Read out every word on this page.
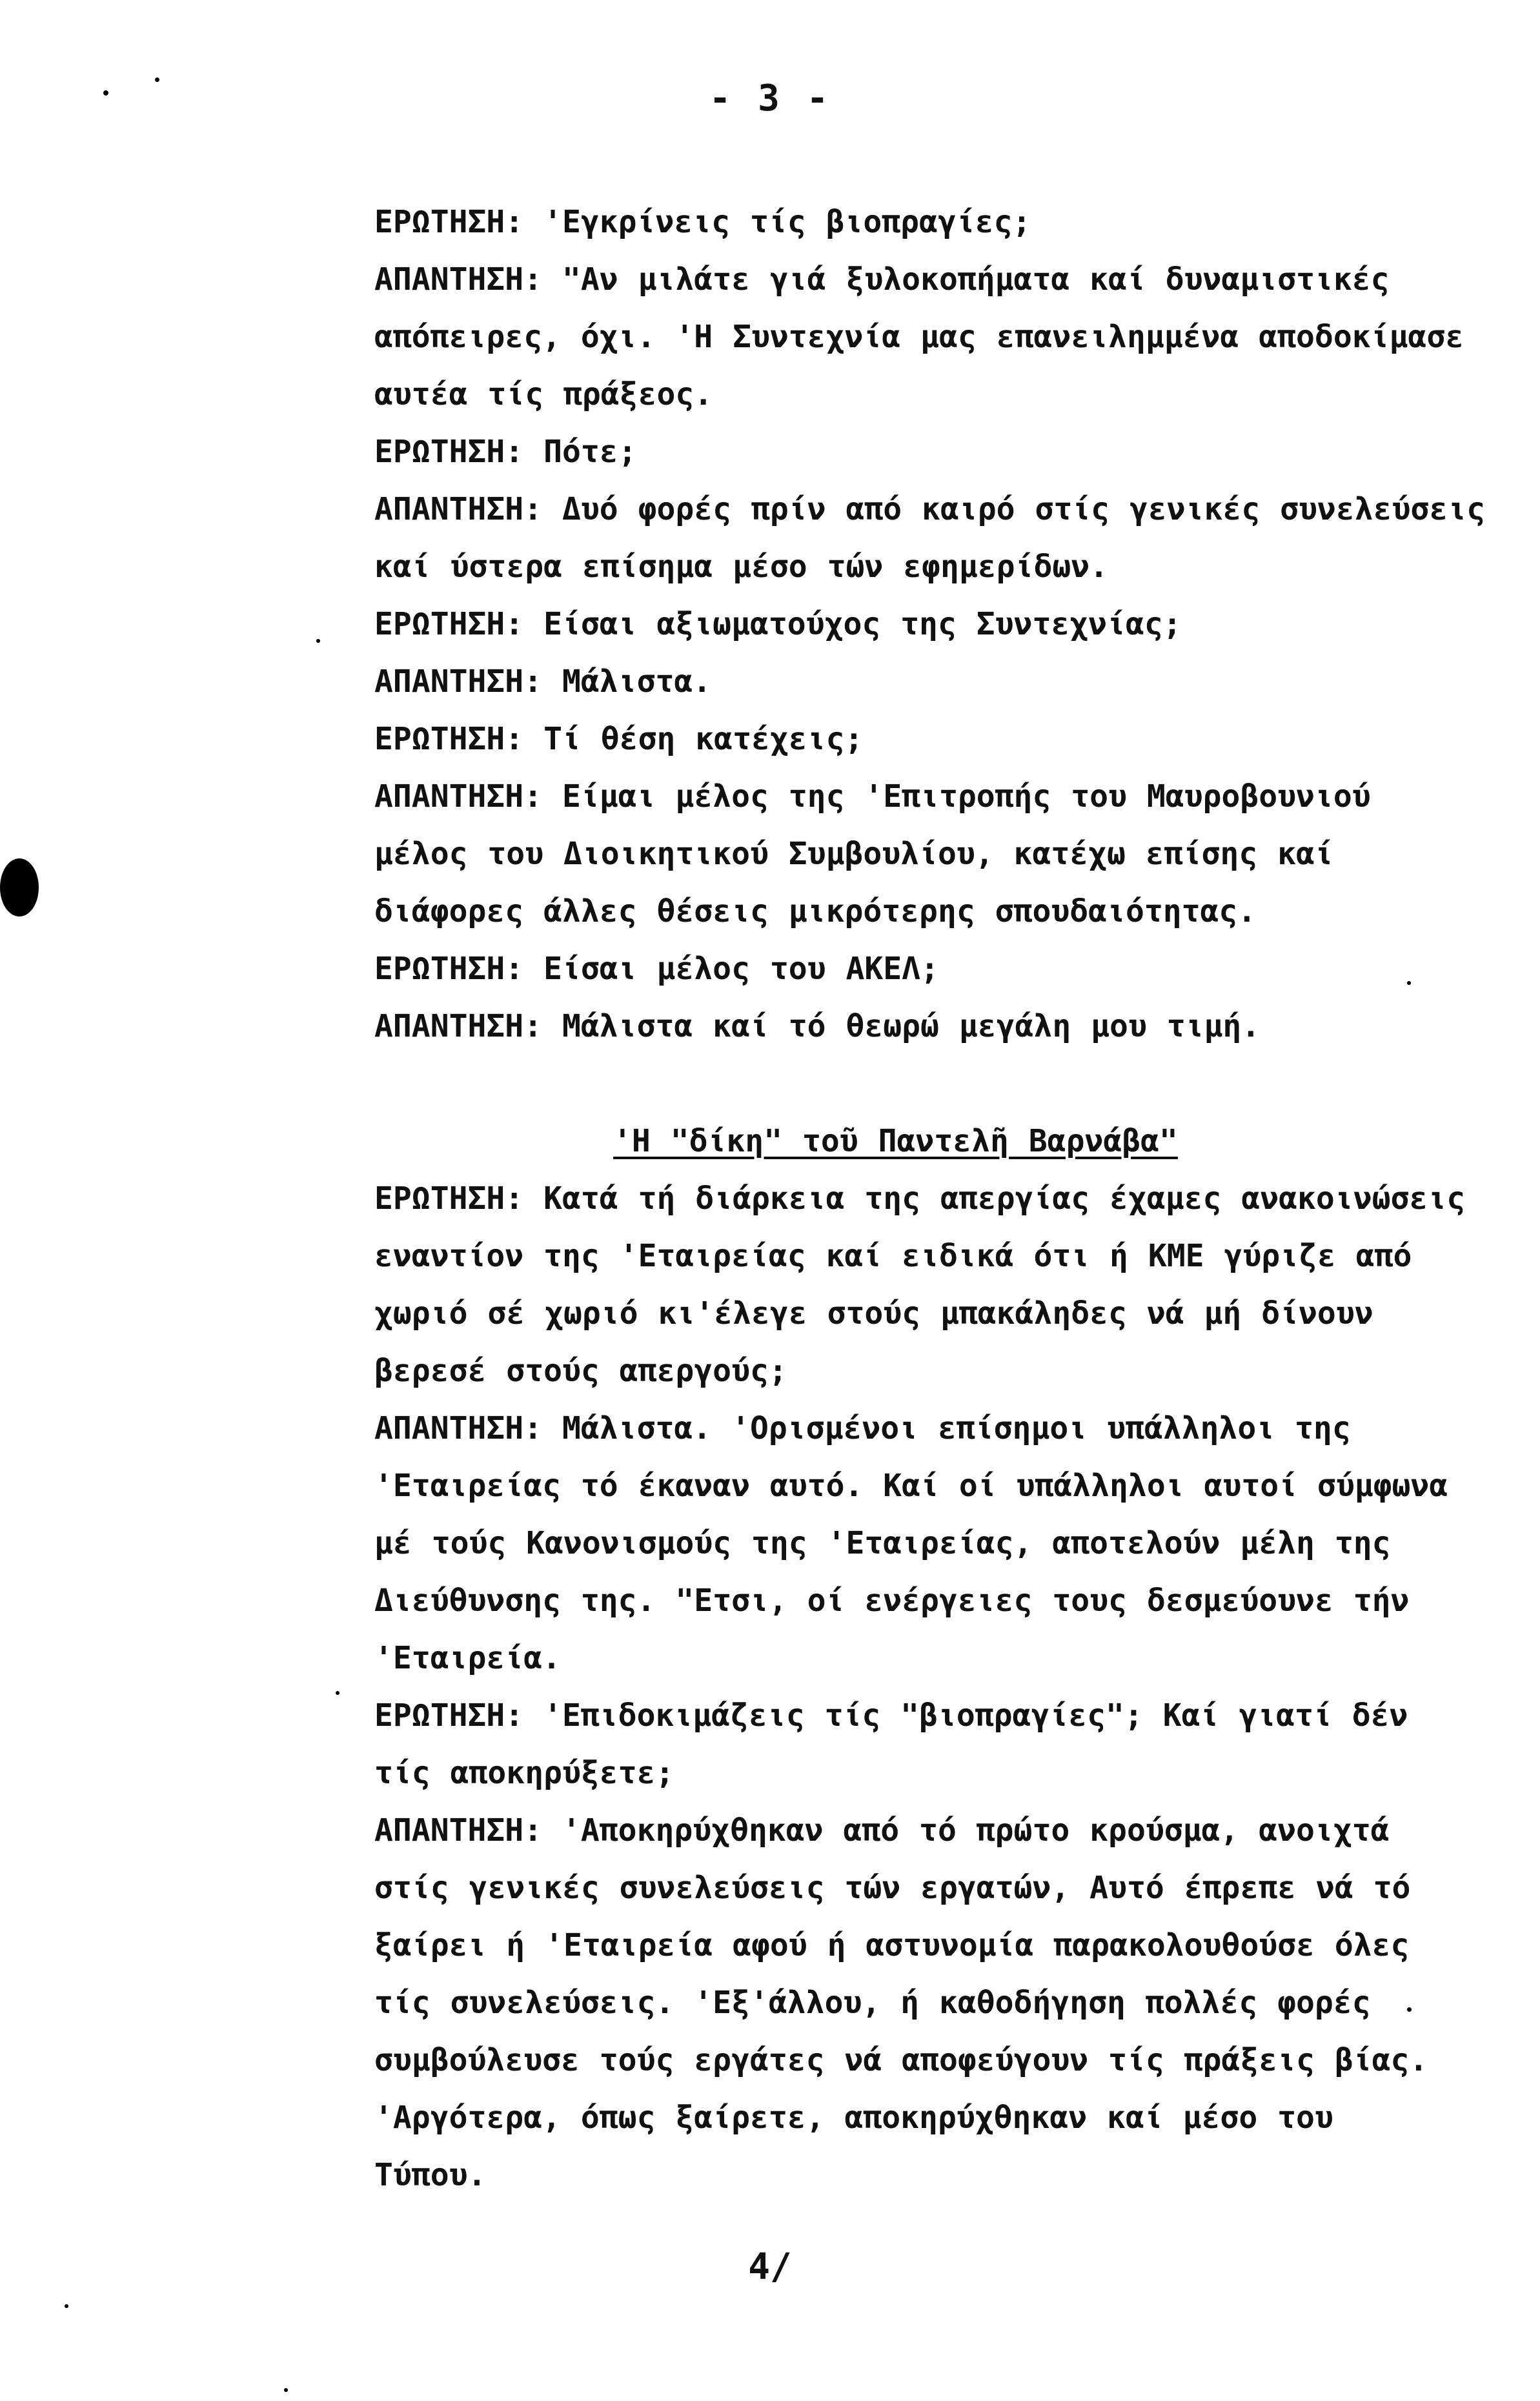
- 3 -
ΕΡΩΤΗΣΗ: 'Εγκρίνεις τίς βιοπραγίες;
ΑΠΑΝΤΗΣΗ: "Αν μιλάτε γιά ξυλοκοπήματα καί δυναμιστικές
απόπειρες, όχι. 'Η Συντεχνία μας επανειλημμένα αποδοκίμασε
αυτέα τίς πράξεος.
ΕΡΩΤΗΣΗ: Πότε;
ΑΠΑΝΤΗΣΗ: Δυό φορές πρίν από καιρό στίς γενικές συνελεύσεις
καί ύστερα επίσημα μέσο τών εφημερίδων.
ΕΡΩΤΗΣΗ: Είσαι αξιωματούχος της Συντεχνίας;
ΑΠΑΝΤΗΣΗ: Μάλιστα.
ΕΡΩΤΗΣΗ: Τί θέση κατέχεις;
ΑΠΑΝΤΗΣΗ: Είμαι μέλος της 'Επιτροπής του Μαυροβουνιού
μέλος του Διοικητικού Συμβουλίου, κατέχω επίσης καί
διάφορες άλλες θέσεις μικρότερης σπουδαιότητας.
ΕΡΩΤΗΣΗ: Είσαι μέλος του ΑΚΕΛ;
ΑΠΑΝΤΗΣΗ: Μάλιστα καί τό θεωρώ μεγάλη μου τιμή.
'Η "δίκη" τοῦ Παντελῆ Βαρνάβα"
ΕΡΩΤΗΣΗ: Κατά τή διάρκεια της απεργίας έχαμες ανακοινώσεις
εναντίον της 'Εταιρείας καί ειδικά ότι ή ΚΜΕ γύριζε από
χωριό σέ χωριό κι'έλεγε στούς μπακάληδες νά μή δίνουν
βερεσέ στούς απεργούς;
ΑΠΑΝΤΗΣΗ: Μάλιστα. 'Ορισμένοι επίσημοι υπάλληλοι της
'Εταιρείας τό έκαναν αυτό. Καί οί υπάλληλοι αυτοί σύμφωνα
μέ τούς Κανονισμούς της 'Εταιρείας, αποτελούν μέλη της
Διεύθυνσης της. "Ετσι, οί ενέργειες τους δεσμεύουνε τήν
'Εταιρεία.
ΕΡΩΤΗΣΗ: 'Επιδοκιμάζεις τίς "βιοπραγίες"; Καί γιατί δέν
τίς αποκηρύξετε;
ΑΠΑΝΤΗΣΗ: 'Αποκηρύχθηκαν από τό πρώτο κρούσμα, ανοιχτά
στίς γενικές συνελεύσεις τών εργατών, Αυτό έπρεπε νά τό
ξαίρει ή 'Εταιρεία αφού ή αστυνομία παρακολουθούσε όλες
τίς συνελεύσεις. 'Εξ'άλλου, ή καθοδήγηση πολλές φορές
συμβούλευσε τούς εργάτες νά αποφεύγουν τίς πράξεις βίας.
'Αργότερα, όπως ξαίρετε, αποκηρύχθηκαν καί μέσο του
Τύπου.
4/
